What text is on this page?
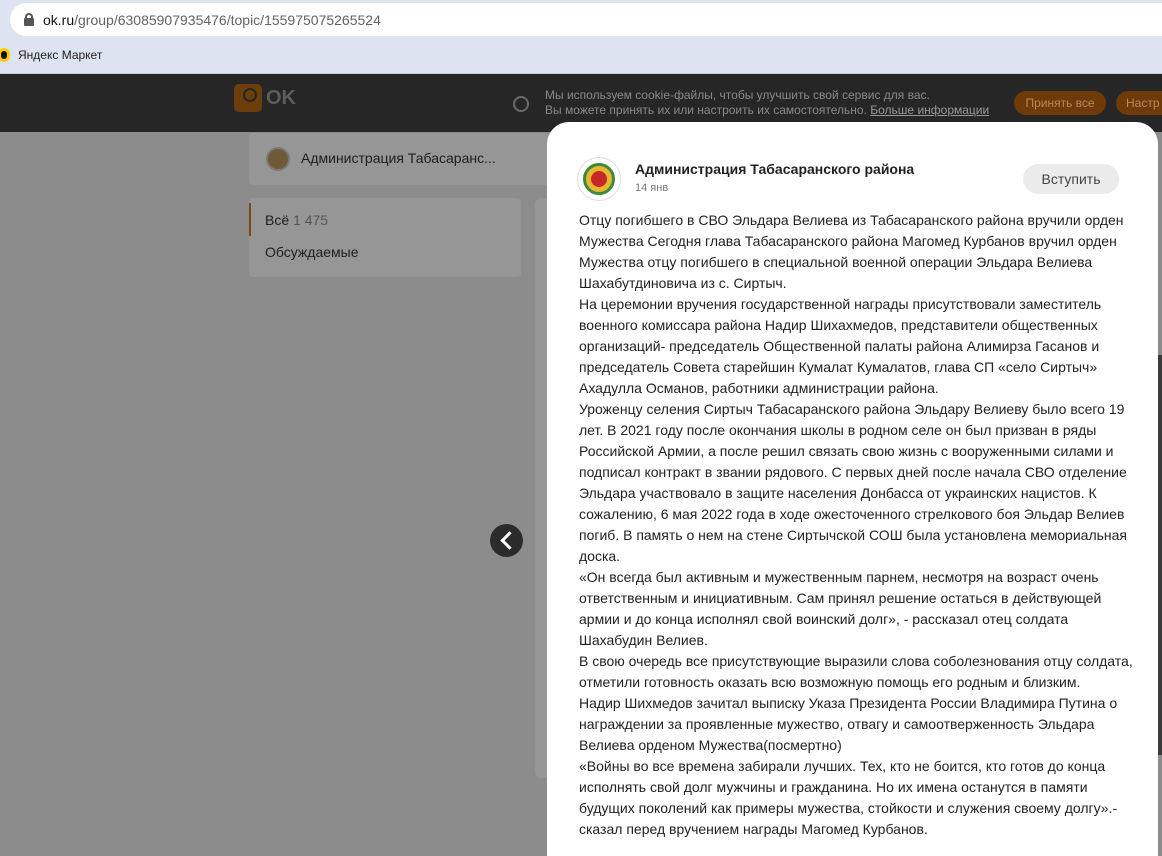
ok.ru/group/63085907935476/topic/155975075265524
Яндекс Маркет
OK	Мы используем cookie-файлы, чтобы улучшить свой сервис для вас.
Вы можете принять их или настроить их самостоятельно. Больше информации	Принять все	Настр
Администрация Табасаранс...
Всё 1 475
Обсуждаемые
Администрация Табасаранского района
14 янв
Вступить

Отцу погибшего в СВО Эльдара Велиева из Табасаранского района вручили орден Мужества Сегодня глава Табасаранского района Магомед Курбанов вручил орден Мужества отцу погибшего в специальной военной операции Эльдара Велиева Шахабутдиновича из с. Сиртыч.

На церемонии вручения государственной награды присутствовали заместитель военного комиссара района Надир Шихахмедов, представители общественных организаций- председатель Общественной палаты района Алимирза Гасанов и председатель Совета старейшин Кумалат Кумалатов, глава СП «село Сиртыч» Ахадулла Османов, работники администрации района.

Уроженцу селения Сиртыч Табасаранского района Эльдару Велиеву было всего 19 лет. В 2021 году после окончания школы в родном селе он был призван в ряды Российской Армии, а после решил связать свою жизнь с вооруженными силами и подписал контракт в звании рядового. С первых дней после начала СВО отделение Эльдара участвовало в защите населения Донбасса от украинских нацистов. К сожалению, 6 мая 2022 года в ходе ожесточенного стрелкового боя Эльдар Велиев погиб. В память о нем на стене Сиртычской СОШ была установлена мемориальная доска.

«Он всегда был активным и мужественным парнем, несмотря на возраст очень ответственным и инициативным. Сам принял решение остаться в действующей армии и до конца исполнял свой воинский долг», - рассказал отец солдата Шахабудин Велиев.

В свою очередь все присутствующие выразили слова соболезнования отцу солдата, отметили готовность оказать всю возможную помощь его родным и близким.

Надир Шихмедов зачитал выписку Указа Президента России Владимира Путина о награждении за проявленные мужество, отвагу и самоотверженность Эльдара Велиева орденом Мужества(посмертно)

«Войны во все времена забирали лучших. Тех, кто не боится, кто готов до конца исполнять свой долг мужчины и гражданина. Но их имена останутся в памяти будущих поколений как примеры мужества, стойкости и служения своему долгу».- сказал перед вручением награды Магомед Курбанов.
